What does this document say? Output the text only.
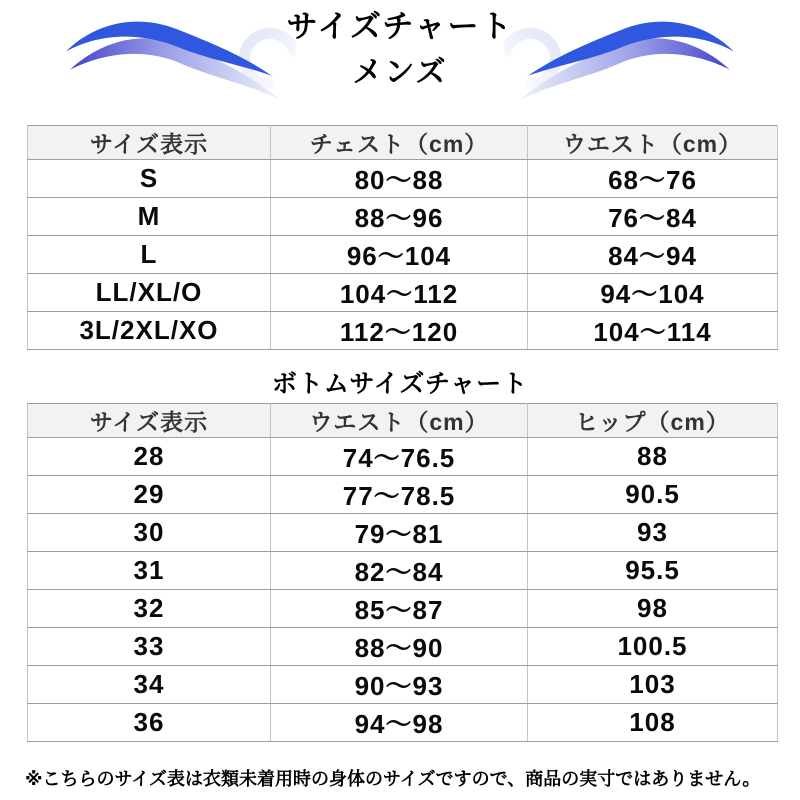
サイズチャート
メンズ
サイズ表示	チェスト（cm）	ウエスト（cm）
S	80〜88	68〜76
M	88〜96	76〜84
L	96〜104	84〜94
LL/XL/O	104〜112	94〜104
3L/2XL/XO	112〜120	104〜114
ボトムサイズチャート
サイズ表示	ウエスト（cm）	ヒップ（cm）
28	74〜76.5	88
29	77〜78.5	90.5
30	79〜81	93
31	82〜84	95.5
32	85〜87	98
33	88〜90	100.5
34	90〜93	103
36	94〜98	108

※こちらのサイズ表は衣類未着用時の身体のサイズですので、商品の実寸ではありません。
